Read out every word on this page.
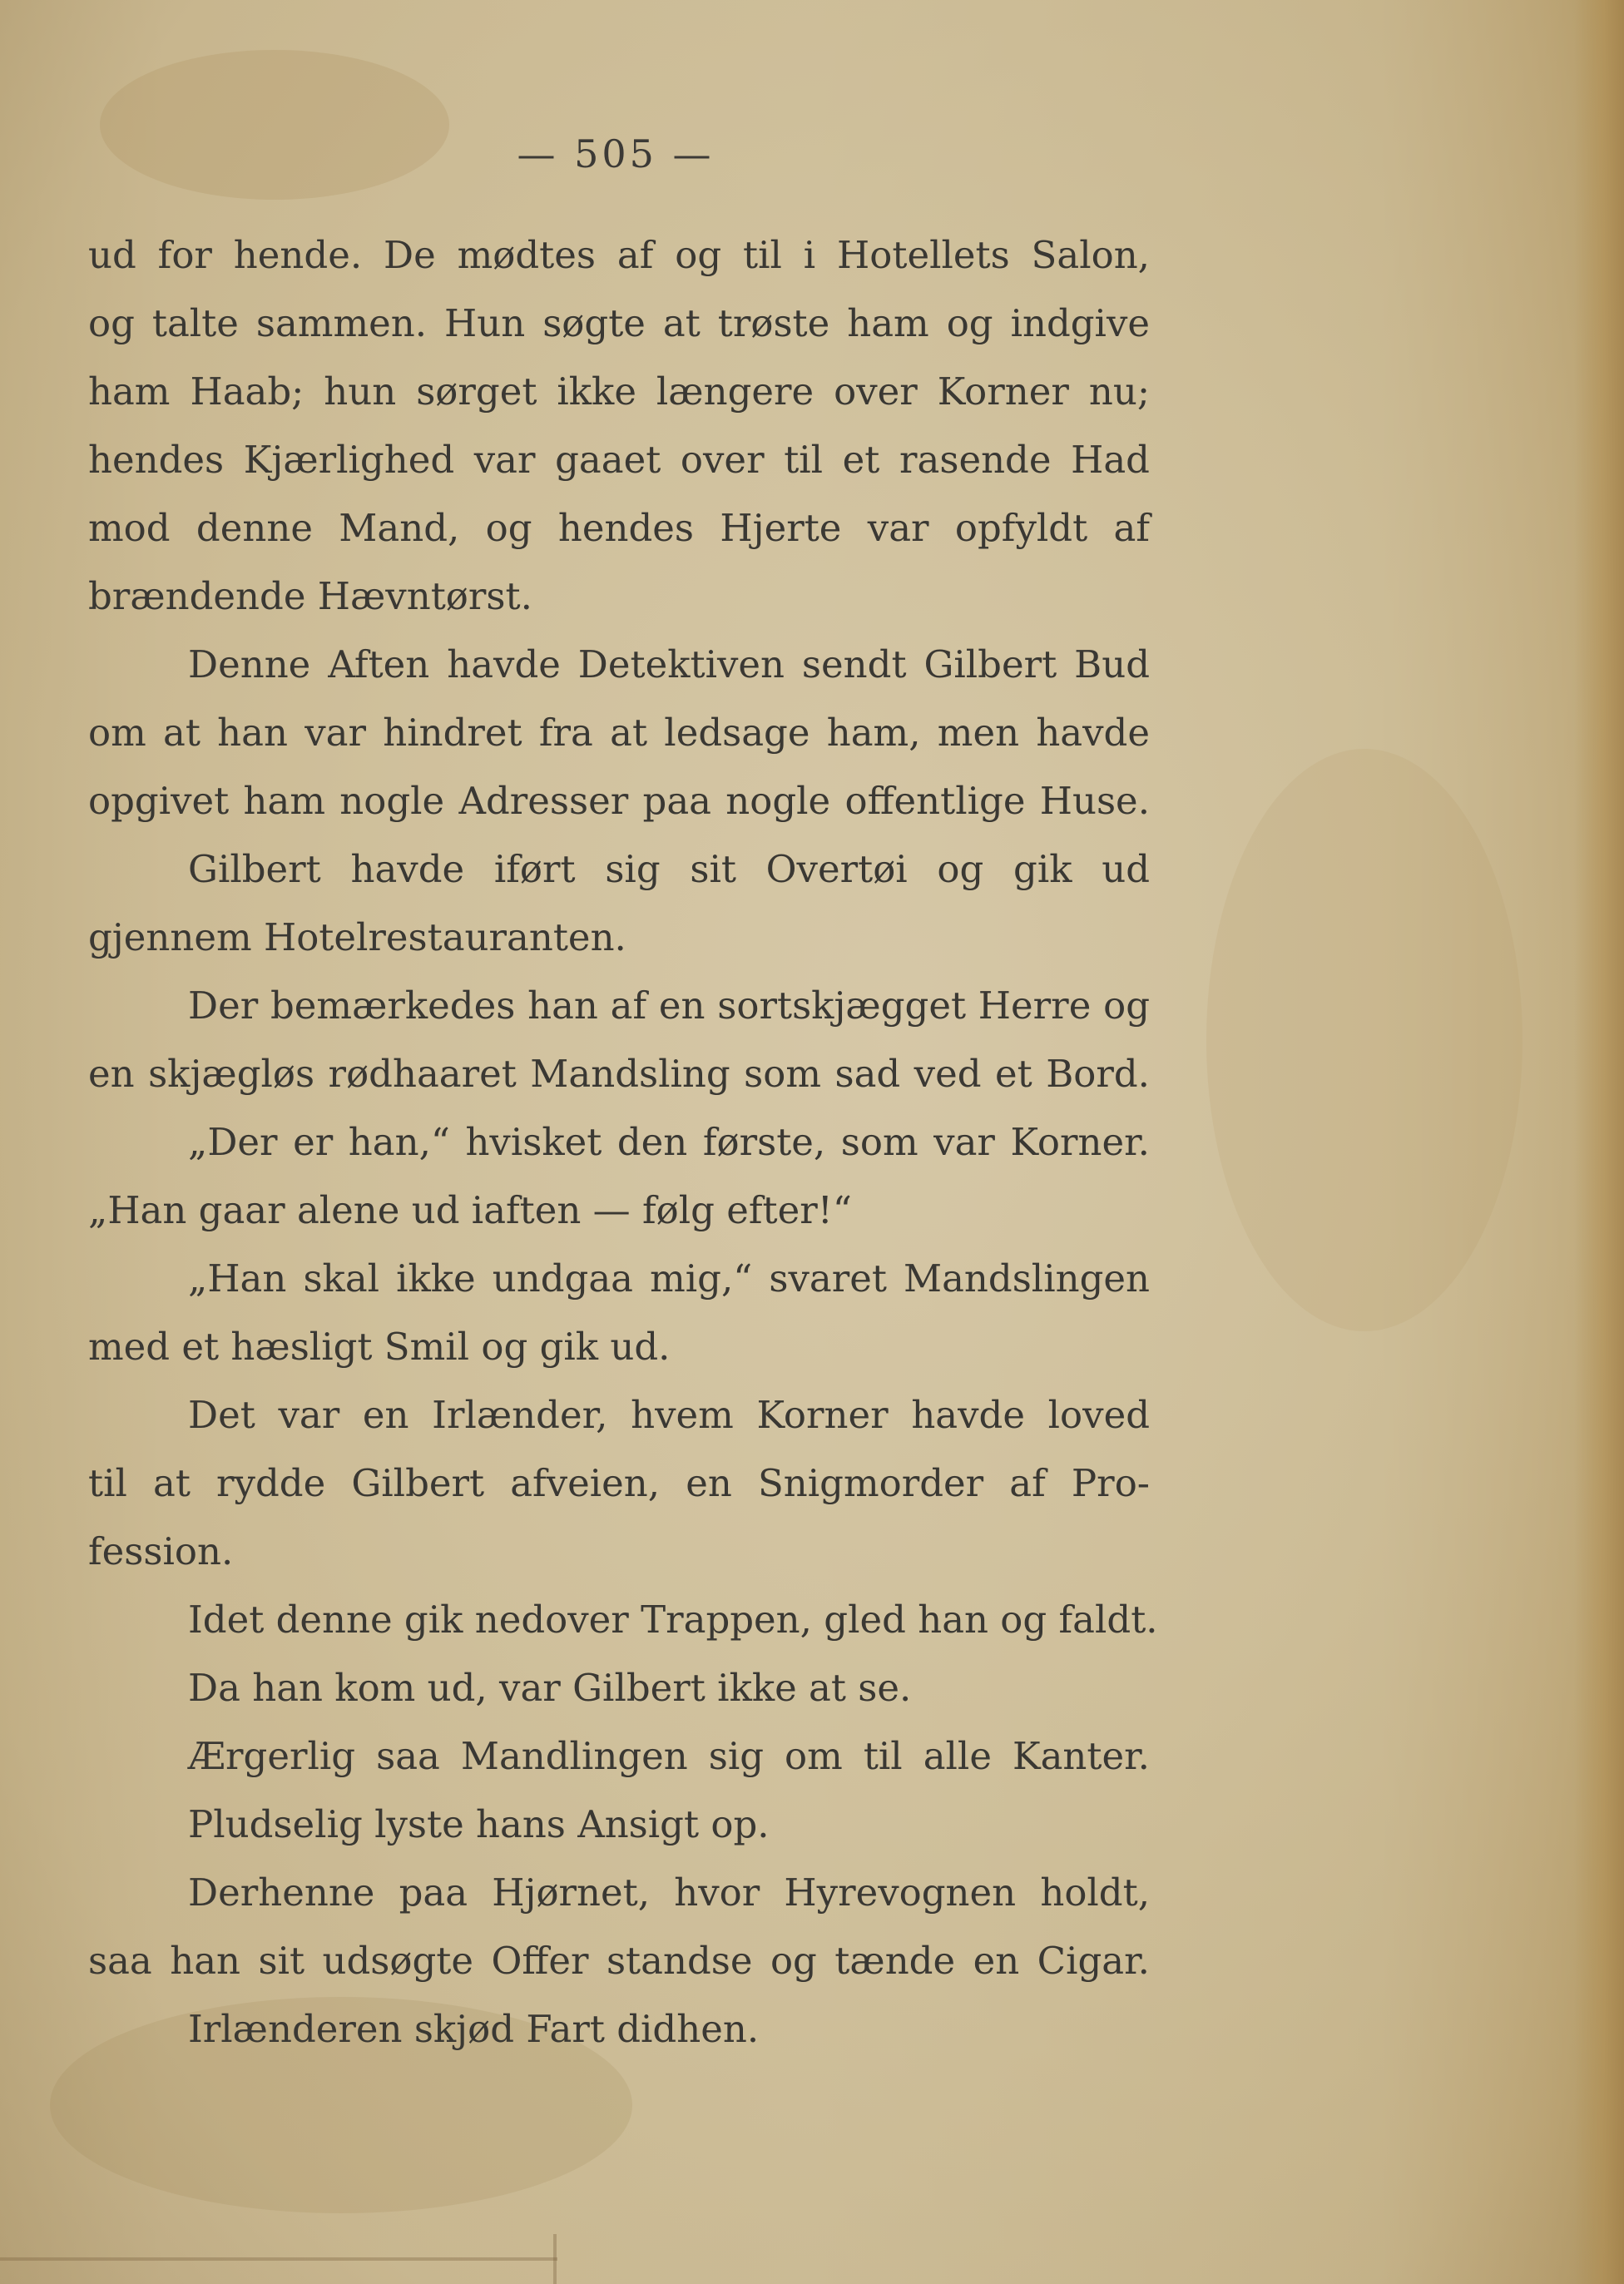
— 505 —
ud for hende. De mødtes af og til i Hotellets Salon,
og talte sammen. Hun søgte at trøste ham og indgive
ham Haab; hun sørget ikke længere over Korner nu;
hendes Kjærlighed var gaaet over til et rasende Had
mod denne Mand, og hendes Hjerte var opfyldt af
brændende Hævntørst.
Denne Aften havde Detektiven sendt Gilbert Bud
om at han var hindret fra at ledsage ham, men havde
opgivet ham nogle Adresser paa nogle offentlige Huse.
Gilbert havde iført sig sit Overtøi og gik ud
gjennem Hotelrestauranten.
Der bemærkedes han af en sortskjægget Herre og
en skjægløs rødhaaret Mandsling som sad ved et Bord.
„Der er han,“ hvisket den første, som var Korner.
„Han gaar alene ud iaften — følg efter!“
„Han skal ikke undgaa mig,“ svaret Mandslingen
med et hæsligt Smil og gik ud.
Det var en Irlænder, hvem Korner havde loved
til at rydde Gilbert afveien, en Snigmorder af Pro-
fession.
Idet denne gik nedover Trappen, gled han og faldt.
Da han kom ud, var Gilbert ikke at se.
Ærgerlig saa Mandlingen sig om til alle Kanter.
Pludselig lyste hans Ansigt op.
Derhenne paa Hjørnet, hvor Hyrevognen holdt,
saa han sit udsøgte Offer standse og tænde en Cigar.
Irlænderen skjød Fart didhen.
